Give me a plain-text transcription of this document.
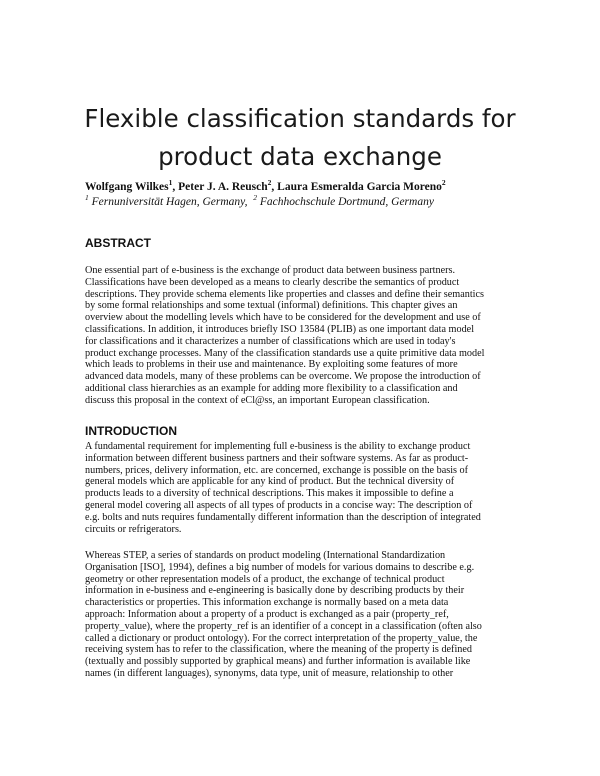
Flexible classification standards for
product data exchange
Wolfgang Wilkes$^1$, Peter J. A. Reusch$^2$, Laura Esmeralda Garcia Moreno$^2$
$^1$ Fernuniversität Hagen, Germany, $^2$ Fachhochschule Dortmund, Germany
ABSTRACT
One essential part of e-business is the exchange of product data between business partners.
Classifications have been developed as a means to clearly describe the semantics of product
descriptions. They provide schema elements like properties and classes and define their semantics
by some formal relationships and some textual (informal) definitions. This chapter gives an
overview about the modelling levels which have to be considered for the development and use of
classifications. In addition, it introduces briefly ISO 13584 (PLIB) as one important data model
for classifications and it characterizes a number of classifications which are used in today's
product exchange processes. Many of the classification standards use a quite primitive data model
which leads to problems in their use and maintenance. By exploiting some features of more
advanced data models, many of these problems can be overcome. We propose the introduction of
additional class hierarchies as an example for adding more flexibility to a classification and
discuss this proposal in the context of eCl@ss, an important European classification.
INTRODUCTION
A fundamental requirement for implementing full e-business is the ability to exchange product
information between different business partners and their software systems. As far as product-
numbers, prices, delivery information, etc. are concerned, exchange is possible on the basis of
general models which are applicable for any kind of product. But the technical diversity of
products leads to a diversity of technical descriptions. This makes it impossible to define a
general model covering all aspects of all types of products in a concise way: The description of
e.g. bolts and nuts requires fundamentally different information than the description of integrated
circuits or refrigerators.
Whereas STEP, a series of standards on product modeling (International Standardization
Organisation [ISO], 1994), defines a big number of models for various domains to describe e.g.
geometry or other representation models of a product, the exchange of technical product
information in e-business and e-engineering is basically done by describing products by their
characteristics or properties. This information exchange is normally based on a meta data
approach: Information about a property of a product is exchanged as a pair (property_ref,
property_value), where the property_ref is an identifier of a concept in a classification (often also
called a dictionary or product ontology). For the correct interpretation of the property_value, the
receiving system has to refer to the classification, where the meaning of the property is defined
(textually and possibly supported by graphical means) and further information is available like
names (in different languages), synonyms, data type, unit of measure, relationship to other
